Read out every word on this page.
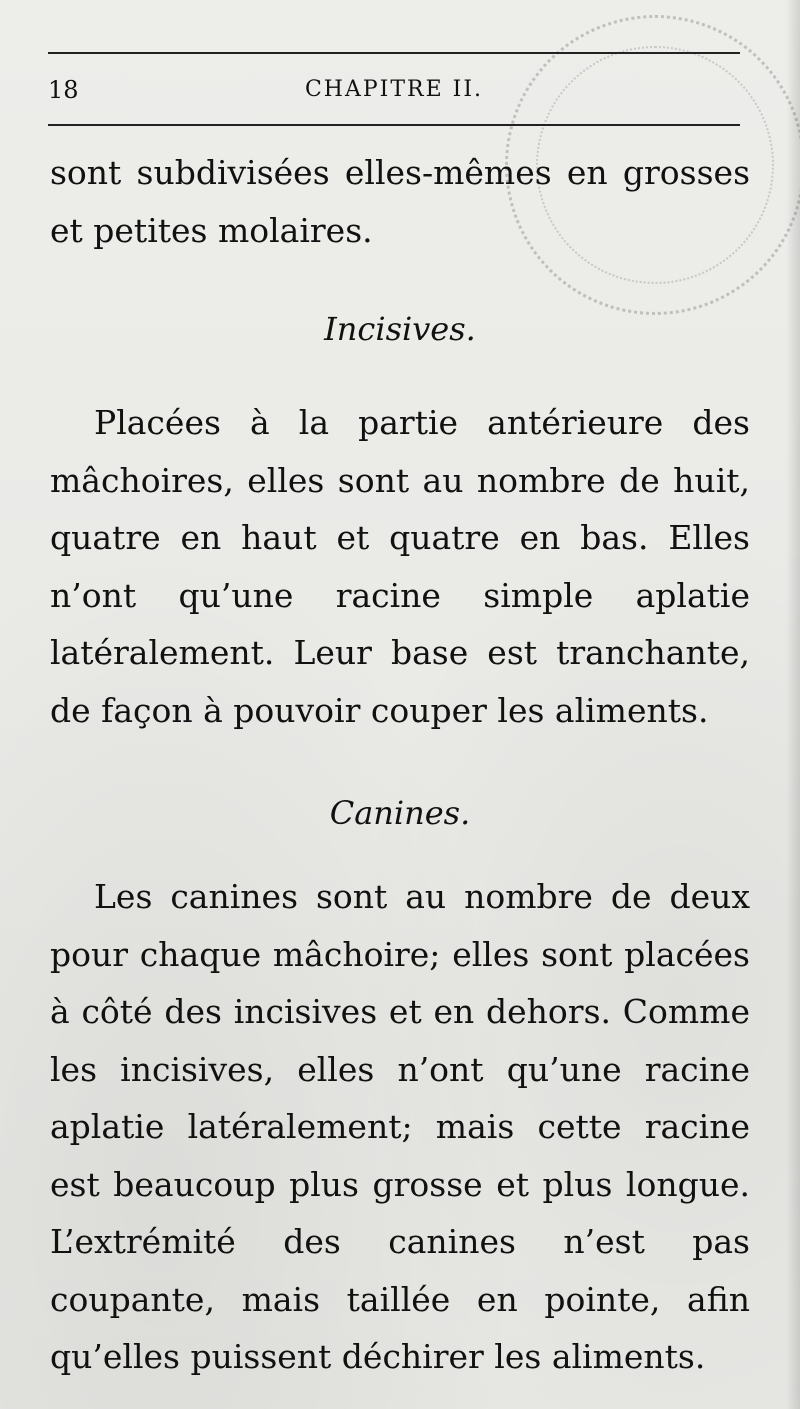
18	CHAPITRE II.

sont subdivisées elles-mêmes en grosses et petites molaires.

Incisives.

Placées à la partie antérieure des mâchoires, elles sont au nombre de huit, quatre en haut et quatre en bas. Elles n’ont qu’une racine simple aplatie latéralement. Leur base est tranchante, de façon à pouvoir couper les aliments.

Canines.

Les canines sont au nombre de deux pour chaque mâchoire; elles sont placées à côté des incisives et en dehors. Comme les incisives, elles n’ont qu’une racine aplatie latéralement; mais cette racine est beaucoup plus grosse et plus longue. L’extrémité des canines n’est pas coupante, mais taillée en pointe, afin qu’elles puissent déchirer les aliments.
